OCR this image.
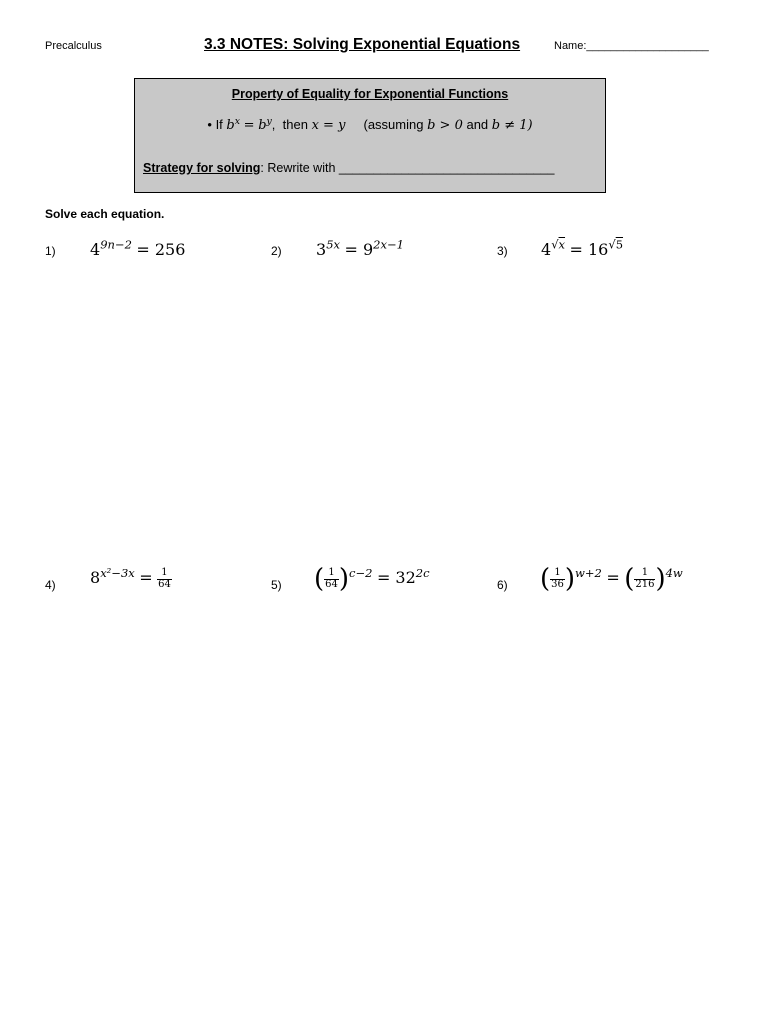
Precalculus	3.3 NOTES: Solving Exponential Equations	Name:____________________
Property of Equality for Exponential Functions
• If $b^x = b^y$, then x = y (assuming b > 0 and b ≠ 1)
Strategy for solving: Rewrite with _______________________________
Solve each equation.
1) $4^{9n-2} = 256$	2) $3^{5x} = 9^{2x-1}$	3) $4^{√x} = 16^{√5}$
4) $8^{x^2-3x} = \frac{1}{64}$	5) ( $\frac{1}{64} )^{c-2} = 32^{2c}$
6) ( $\frac{1}{36} )^{w+2}$ = ( $\frac{1}{216} )^{4w}$
